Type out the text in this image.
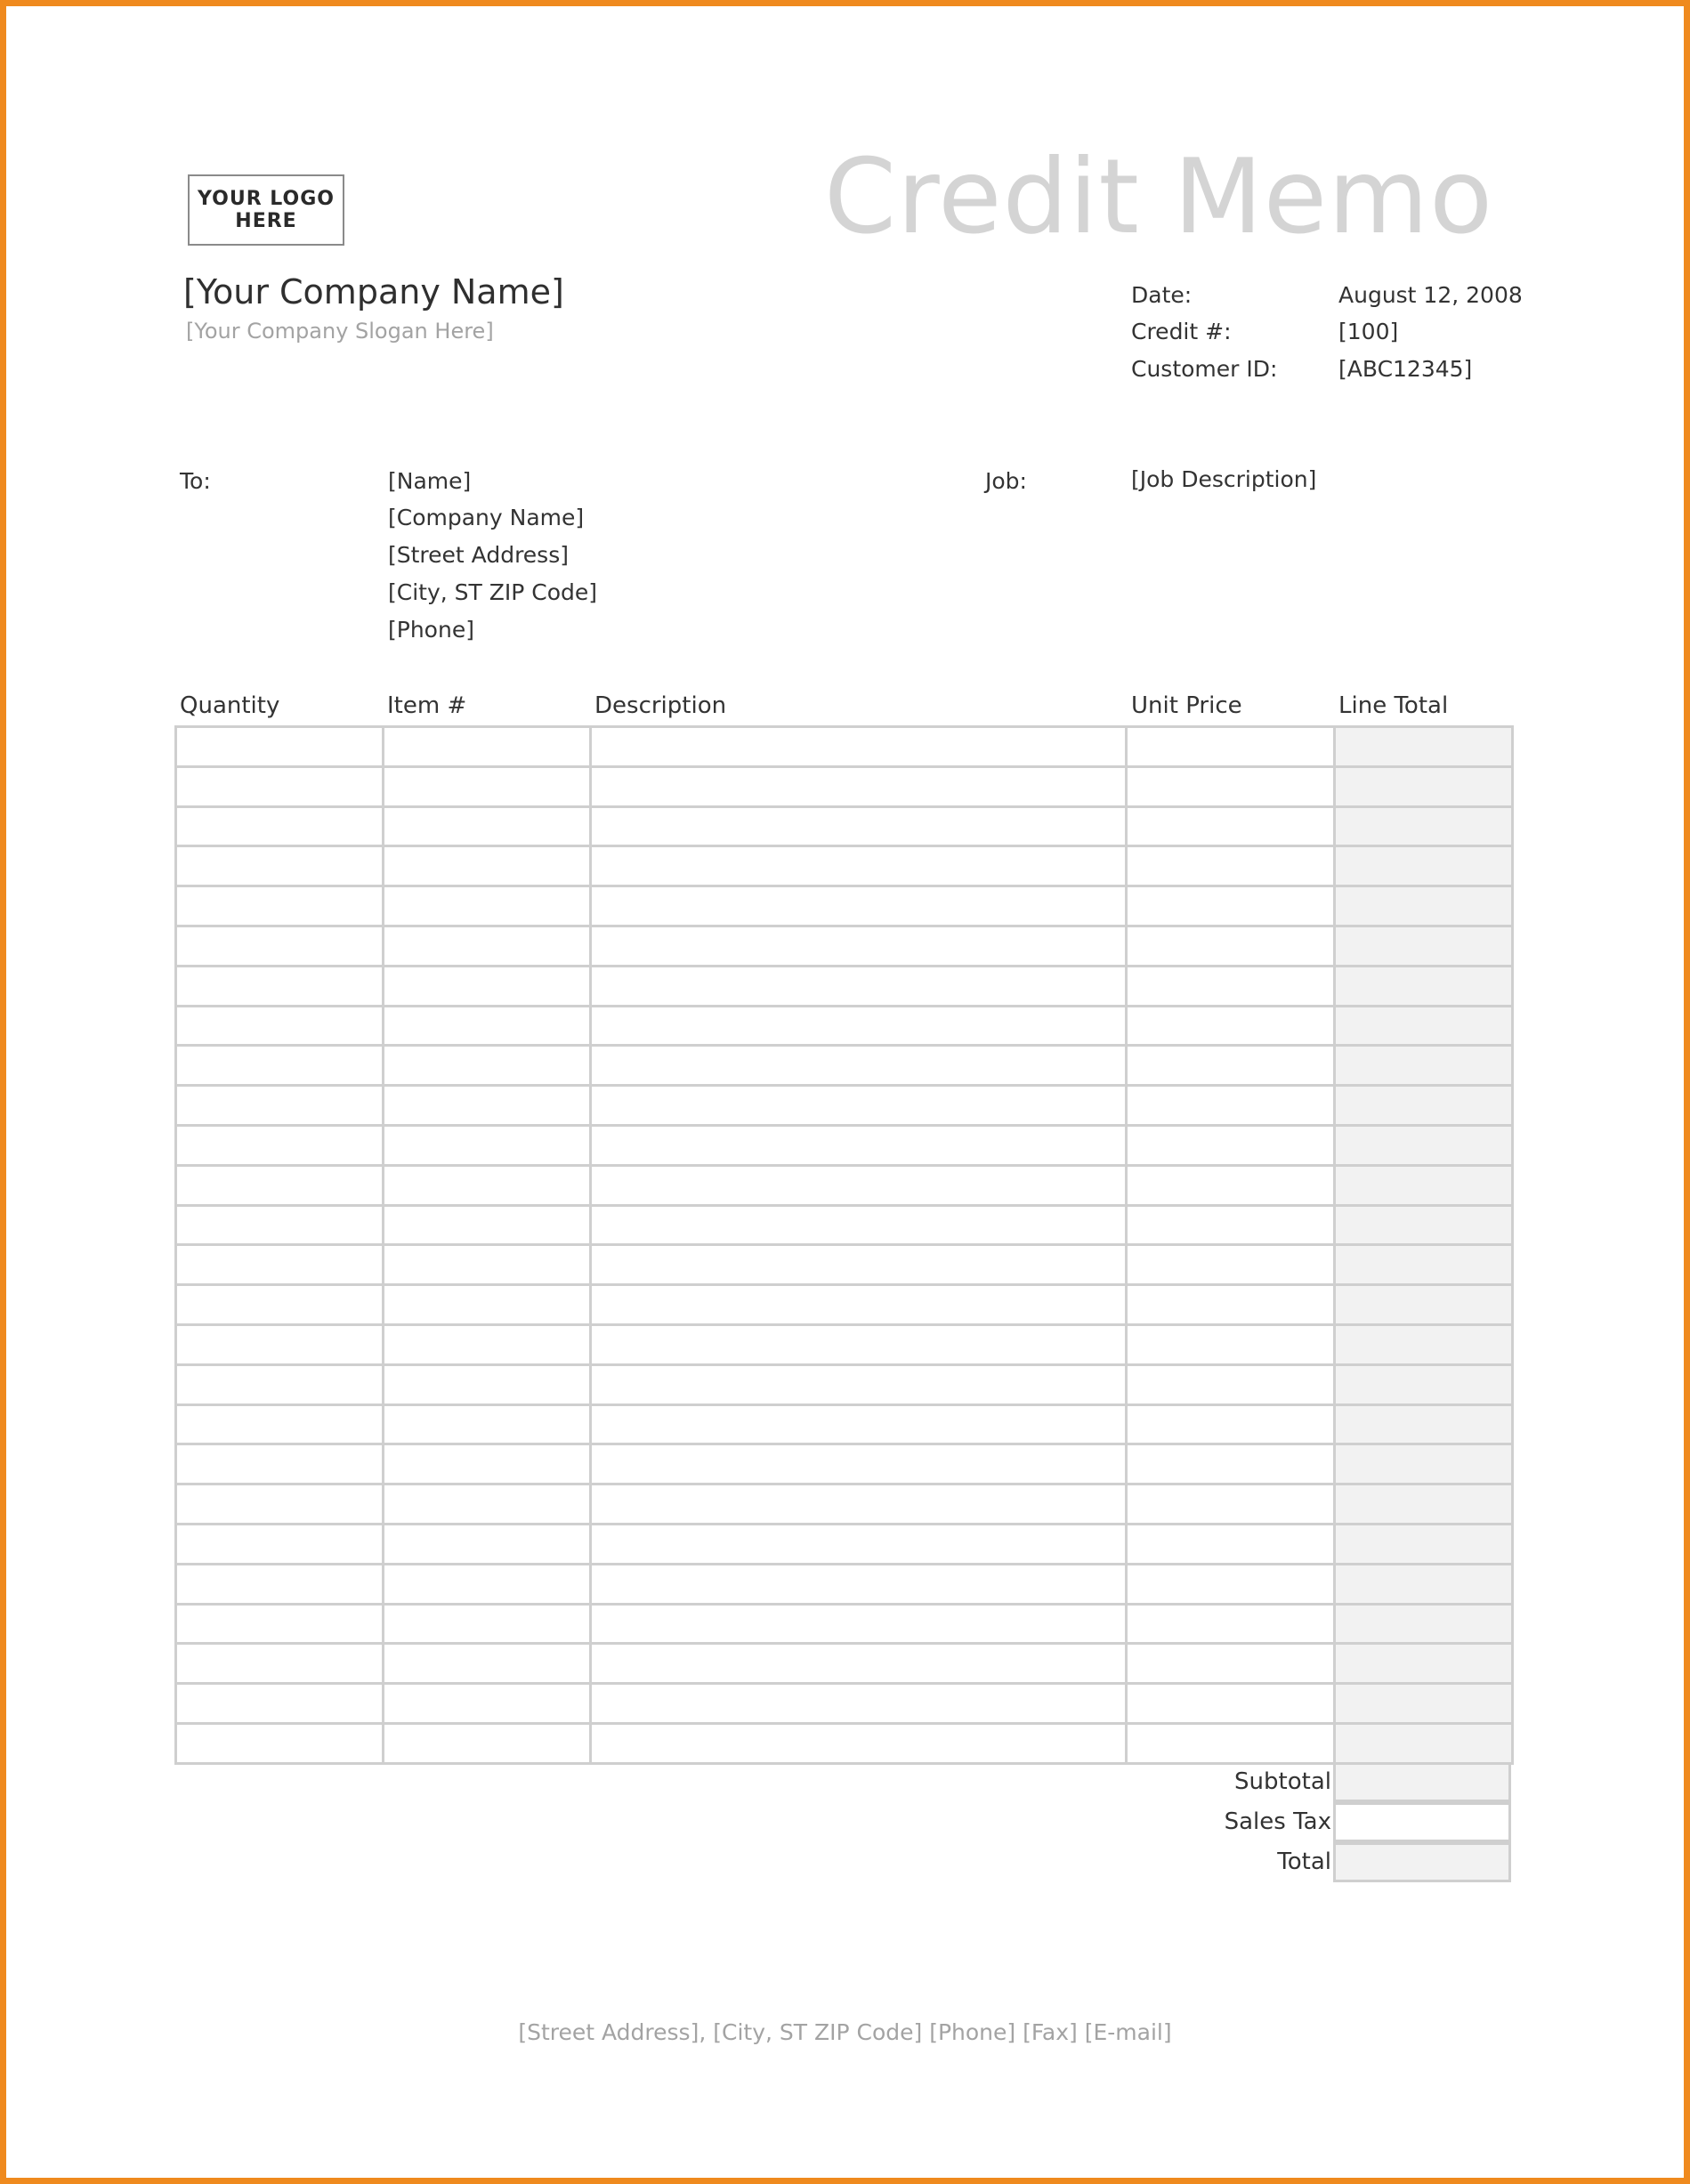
YOUR LOGO
HERE	Credit Memo
[Your Company Name]
[Your Company Slogan Here]
Date:	August 12, 2008
Credit #:	[100]
Customer ID:	[ABC12345]
To:	[Name]
[Company Name]
[Street Address]
[City, ST ZIP Code]
[Phone]
Job:	[Job Description]
Quantity	Item #	Description	Unit Price	Line Total

Subtotal
Sales Tax
Total
[Street Address], [City, ST ZIP Code] [Phone] [Fax] [E-mail]
